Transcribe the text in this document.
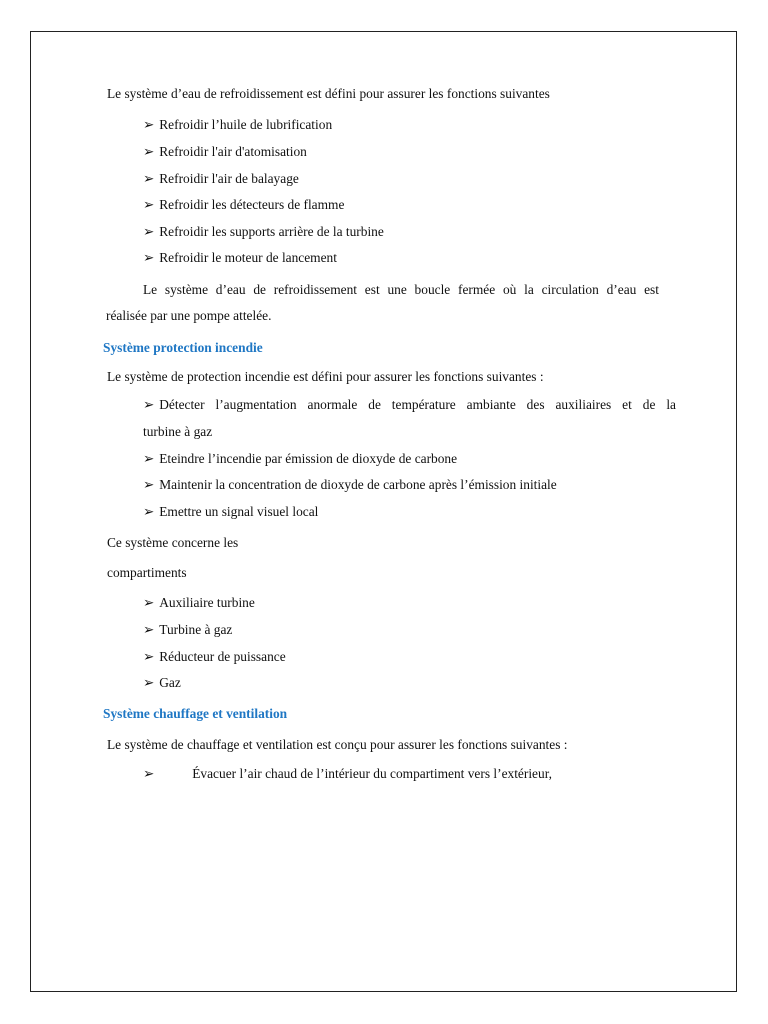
Le système d’eau de refroidissement est défini pour assurer les fonctions suivantes
➢ Refroidir l’huile de lubrification
➢ Refroidir l'air d'atomisation
➢ Refroidir l'air de balayage
➢ Refroidir les détecteurs de flamme
➢ Refroidir les supports arrière de la turbine
➢ Refroidir le moteur de lancement
Le système d’eau de refroidissement est une boucle fermée où la circulation d’eau est
réalisée par une pompe attelée.
Système protection incendie
Le système de protection incendie est défini pour assurer les fonctions suivantes :
➢ Détecter l’augmentation anormale de température ambiante des auxiliaires et de la
turbine à gaz
➢ Eteindre l’incendie par émission de dioxyde de carbone
➢ Maintenir la concentration de dioxyde de carbone après l’émission initiale
➢ Emettre un signal visuel local
Ce système concerne les
compartiments
➢ Auxiliaire turbine
➢ Turbine à gaz
➢ Réducteur de puissance
➢ Gaz
Système chauffage et ventilation
Le système de chauffage et ventilation est conçu pour assurer les fonctions suivantes :
➢	Évacuer l’air chaud de l’intérieur du compartiment vers l’extérieur,
